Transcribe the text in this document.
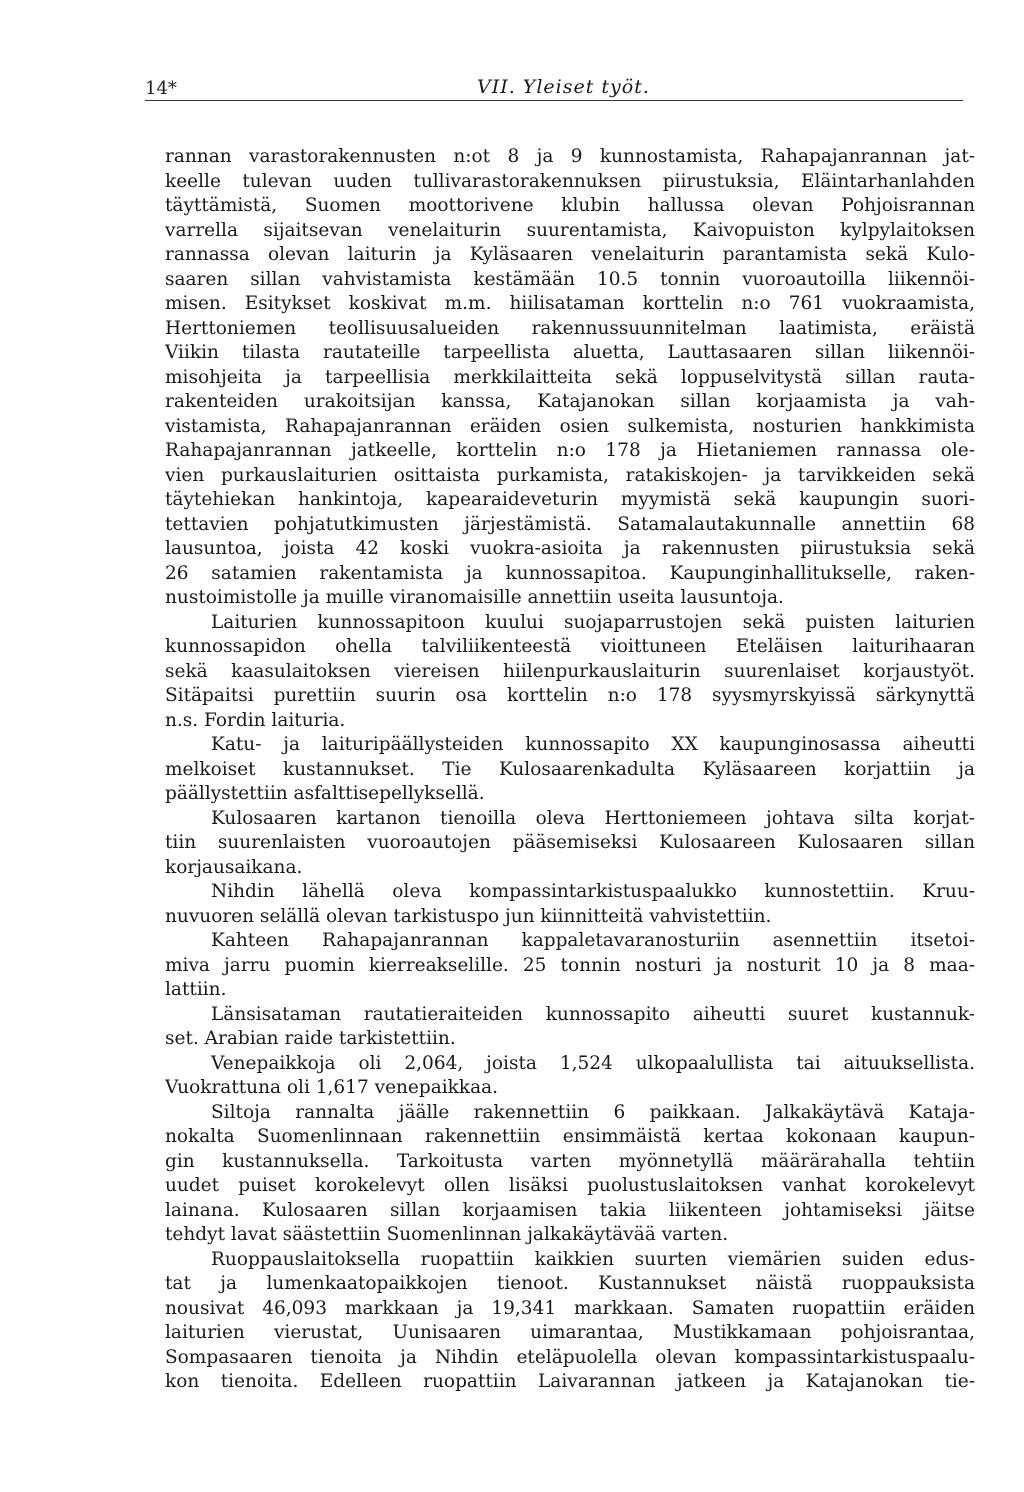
14*	VII. Yleiset työt.
rannan varastorakennusten n:ot 8 ja 9 kunnostamista, Rahapajanrannan jat-
keelle tulevan uuden tullivarastorakennuksen piirustuksia, Eläintarhanlahden
täyttämistä, Suomen moottorivene klubin hallussa olevan Pohjoisrannan
varrella sijaitsevan venelaiturin suurentamista, Kaivopuiston kylpylaitoksen
rannassa olevan laiturin ja Kyläsaaren venelaiturin parantamista sekä Kulo-
saaren sillan vahvistamista kestämään 10.5 tonnin vuoroautoilla liikennöi-
misen. Esitykset koskivat m.m. hiilisataman korttelin n:o 761 vuokraamista,
Herttoniemen teollisuusalueiden rakennussuunnitelman laatimista, eräistä
Viikin tilasta rautateille tarpeellista aluetta, Lauttasaaren sillan liikennöi-
misohjeita ja tarpeellisia merkkilaitteita sekä loppuselvitystä sillan rauta-
rakenteiden urakoitsijan kanssa, Katajanokan sillan korjaamista ja vah-
vistamista, Rahapajanrannan eräiden osien sulkemista, nosturien hankkimista
Rahapajanrannan jatkeelle, korttelin n:o 178 ja Hietaniemen rannassa ole-
vien purkauslaiturien osittaista purkamista, ratakiskojen- ja tarvikkeiden sekä
täytehiekan hankintoja, kapearaideveturin myymistä sekä kaupungin suori-
tettavien pohjatutkimusten järjestämistä. Satamalautakunnalle annettiin 68
lausuntoa, joista 42 koski vuokra-asioita ja rakennusten piirustuksia sekä
26 satamien rakentamista ja kunnossapitoa. Kaupunginhallitukselle, raken-
nustoimistolle ja muille viranomaisille annettiin useita lausuntoja.
Laiturien kunnossapitoon kuului suojaparrustojen sekä puisten laiturien
kunnossapidon ohella talviliikenteestä vioittuneen Eteläisen laiturihaaran
sekä kaasulaitoksen viereisen hiilenpurkauslaiturin suurenlaiset korjaustyöt.
Sitäpaitsi purettiin suurin osa korttelin n:o 178 syysmyrskyissä särkynyttä
n.s. Fordin laituria.
Katu- ja laituripäällysteiden kunnossapito XX kaupunginosassa aiheutti
melkoiset kustannukset. Tie Kulosaarenkadulta Kyläsaareen korjattiin ja
päällystettiin asfalttisepellyksellä.
Kulosaaren kartanon tienoilla oleva Herttoniemeen johtava silta korjat-
tiin suurenlaisten vuoroautojen pääsemiseksi Kulosaareen Kulosaaren sillan
korjausaikana.
Nihdin lähellä oleva kompassintarkistuspaalukko kunnostettiin. Kruu-
nuvuoren selällä olevan tarkistuspo jun kiinnitteitä vahvistettiin.
Kahteen Rahapajanrannan kappaletavaranosturiin asennettiin itsetoi-
miva jarru puomin kierreakselille. 25 tonnin nosturi ja nosturit 10 ja 8 maa-
lattiin.
Länsisataman rautatieraiteiden kunnossapito aiheutti suuret kustannuk-
set. Arabian raide tarkistettiin.
Venepaikkoja oli 2,064, joista 1,524 ulkopaalullista tai aituuksellista.
Vuokrattuna oli 1,617 venepaikkaa.
Siltoja rannalta jäälle rakennettiin 6 paikkaan. Jalkakäytävä Kataja-
nokalta Suomenlinnaan rakennettiin ensimmäistä kertaa kokonaan kaupun-
gin kustannuksella. Tarkoitusta varten myönnetyllä määrärahalla tehtiin
uudet puiset korokelevyt ollen lisäksi puolustuslaitoksen vanhat korokelevyt
lainana. Kulosaaren sillan korjaamisen takia liikenteen johtamiseksi jäitse
tehdyt lavat säästettiin Suomenlinnan jalkakäytävää varten.
Ruoppauslaitoksella ruopattiin kaikkien suurten viemärien suiden edus-
tat ja lumenkaatopaikkojen tienoot. Kustannukset näistä ruoppauksista
nousivat 46,093 markkaan ja 19,341 markkaan. Samaten ruopattiin eräiden
laiturien vierustat, Uunisaaren uimarantaa, Mustikkamaan pohjoisrantaa,
Sompasaaren tienoita ja Nihdin eteläpuolella olevan kompassintarkistuspaalu-
kon tienoita. Edelleen ruopattiin Laivarannan jatkeen ja Katajanokan tie-
